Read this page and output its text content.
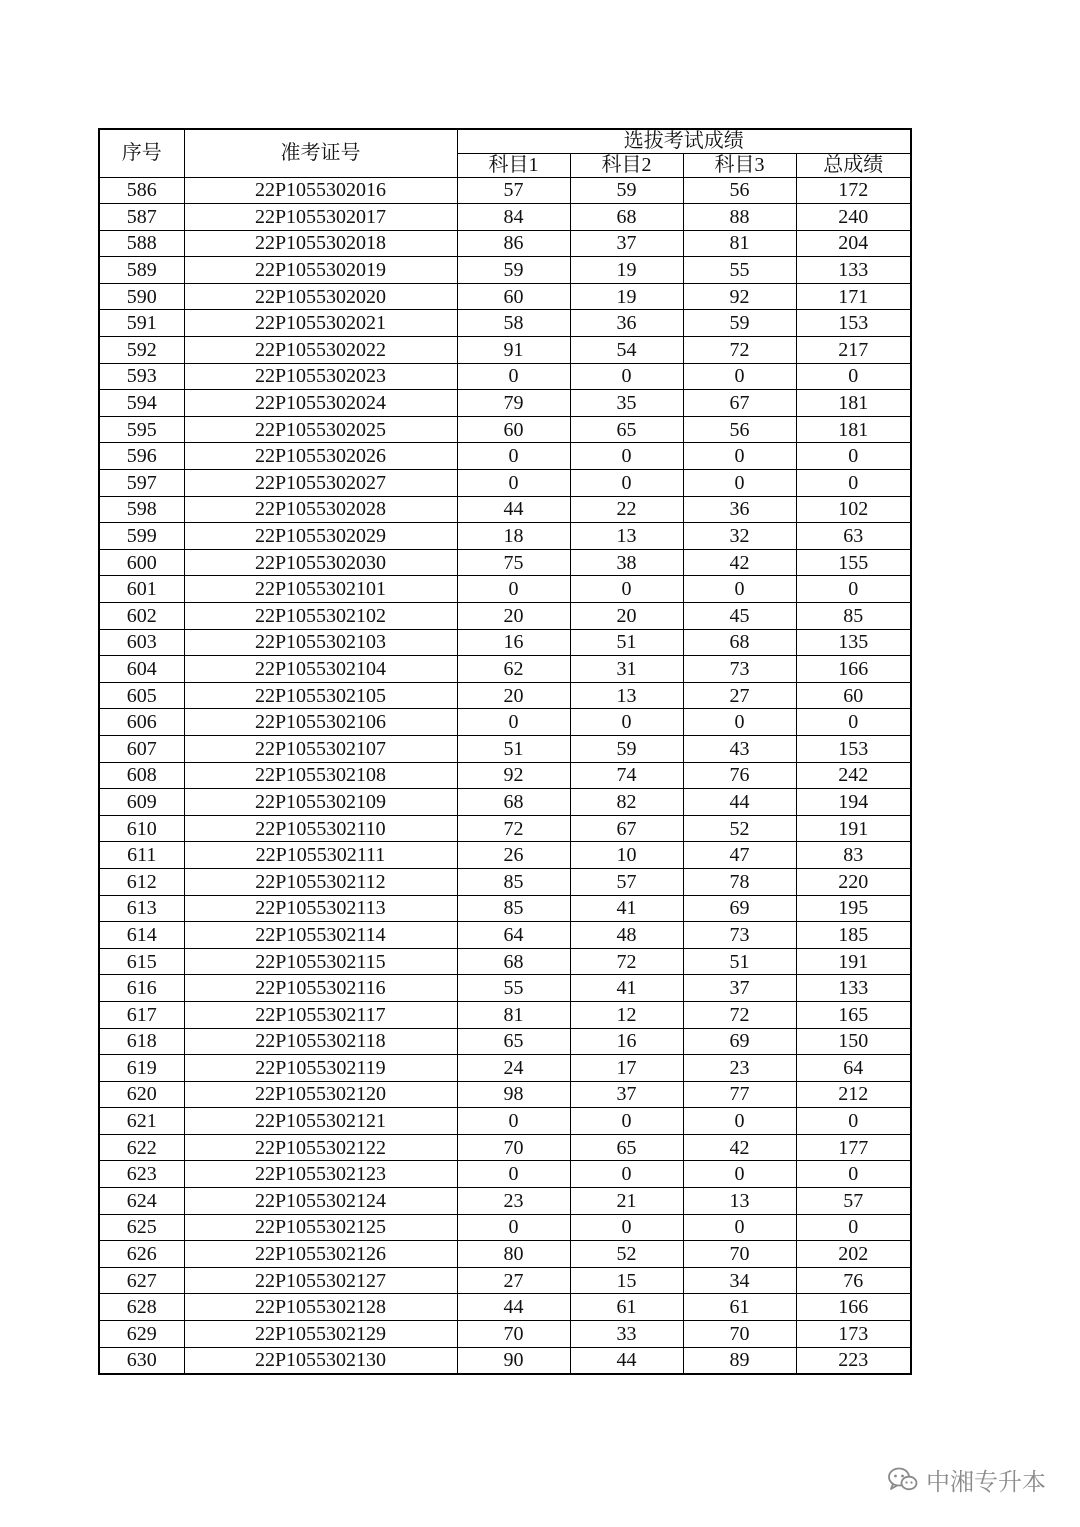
序号	准考证号	选拔考试成绩			
		科目1	科目2	科目3	总成绩
586	22P1055302016	57	59	56	172
587	22P1055302017	84	68	88	240
588	22P1055302018	86	37	81	204
589	22P1055302019	59	19	55	133
590	22P1055302020	60	19	92	171
591	22P1055302021	58	36	59	153
592	22P1055302022	91	54	72	217
593	22P1055302023	0	0	0	0
594	22P1055302024	79	35	67	181
595	22P1055302025	60	65	56	181
596	22P1055302026	0	0	0	0
597	22P1055302027	0	0	0	0
598	22P1055302028	44	22	36	102
599	22P1055302029	18	13	32	63
600	22P1055302030	75	38	42	155
601	22P1055302101	0	0	0	0
602	22P1055302102	20	20	45	85
603	22P1055302103	16	51	68	135
604	22P1055302104	62	31	73	166
605	22P1055302105	20	13	27	60
606	22P1055302106	0	0	0	0
607	22P1055302107	51	59	43	153
608	22P1055302108	92	74	76	242
609	22P1055302109	68	82	44	194
610	22P1055302110	72	67	52	191
611	22P1055302111	26	10	47	83
612	22P1055302112	85	57	78	220
613	22P1055302113	85	41	69	195
614	22P1055302114	64	48	73	185
615	22P1055302115	68	72	51	191
616	22P1055302116	55	41	37	133
617	22P1055302117	81	12	72	165
618	22P1055302118	65	16	69	150
619	22P1055302119	24	17	23	64
620	22P1055302120	98	37	77	212
621	22P1055302121	0	0	0	0
622	22P1055302122	70	65	42	177
623	22P1055302123	0	0	0	0
624	22P1055302124	23	21	13	57
625	22P1055302125	0	0	0	0
626	22P1055302126	80	52	70	202
627	22P1055302127	27	15	34	76
628	22P1055302128	44	61	61	166
629	22P1055302129	70	33	70	173
630	22P1055302130	90	44	89	223
中湘专升本
